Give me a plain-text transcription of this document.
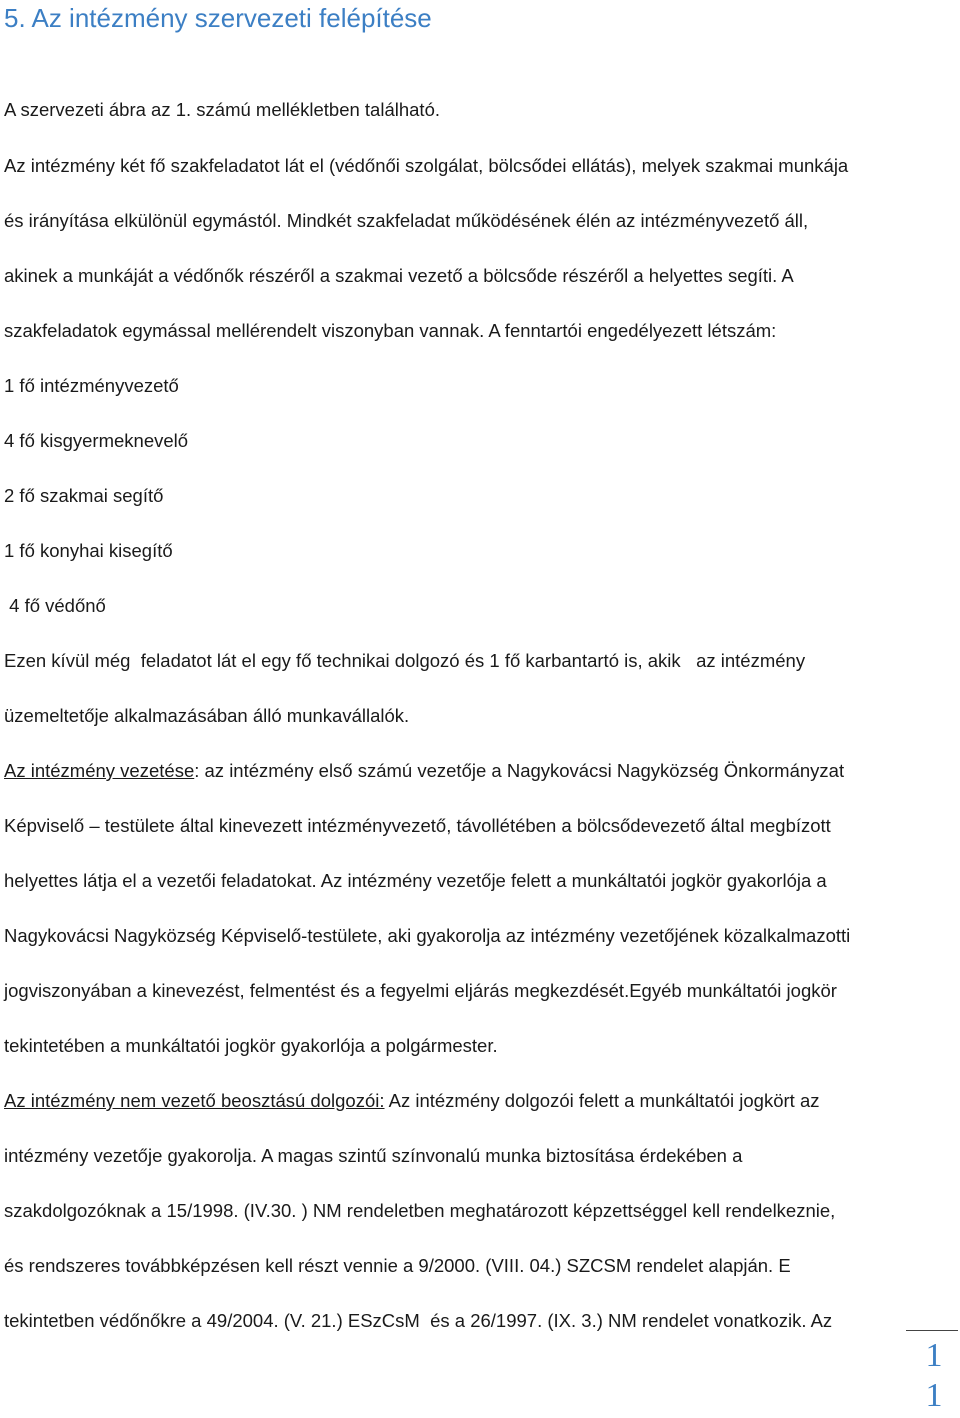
5. Az intézmény szervezeti felépítése

A szervezeti ábra az 1. számú mellékletben található.

Az intézmény két fő szakfeladatot lát el (védőnői szolgálat, bölcsődei ellátás), melyek szakmai munkája
és irányítása elkülönül egymástól. Mindkét szakfeladat működésének élén az intézményvezető áll,
akinek a munkáját a védőnők részéről a szakmai vezető a bölcsőde részéről a helyettes segíti. A
szakfeladatok egymással mellérendelt viszonyban vannak. A fenntartói engedélyezett létszám:

1 fő intézményvezető
4 fő kisgyermeknevelő
2 fő szakmai segítő
1 fő konyhai kisegítő
4 fő védőnő

Ezen kívül még  feladatot lát el egy fő technikai dolgozó és 1 fő karbantartó is, akik   az intézmény
üzemeltetője alkalmazásában álló munkavállalók.

Az intézmény vezetése: az intézmény első számú vezetője a Nagykovácsi Nagyközség Önkormányzat
Képviselő – testülete által kinevezett intézményvezető, távollétében a bölcsődevezető által megbízott
helyettes látja el a vezetői feladatokat. Az intézmény vezetője felett a munkáltatói jogkör gyakorlója a
Nagykovácsi Nagyközség Képviselő-testülete, aki gyakorolja az intézmény vezetőjének közalkalmazotti
jogviszonyában a kinevezést, felmentést és a fegyelmi eljárás megkezdését.Egyéb munkáltatói jogkör
tekintetében a munkáltatói jogkör gyakorlója a polgármester.

Az intézmény nem vezető beosztású dolgozói: Az intézmény dolgozói felett a munkáltatói jogkört az
intézmény vezetője gyakorolja. A magas szintű színvonalú munka biztosítása érdekében a
szakdolgozóknak a 15/1998. (IV.30. ) NM rendeletben meghatározott képzettséggel kell rendelkeznie,
és rendszeres továbbképzésen kell részt vennie a 9/2000. (VIII. 04.) SZCSM rendelet alapján. E
tekintetben védőnőkre a 49/2004. (V. 21.) ESzCsM  és a 26/1997. (IX. 3.) NM rendelet vonatkozik. Az

1
1
